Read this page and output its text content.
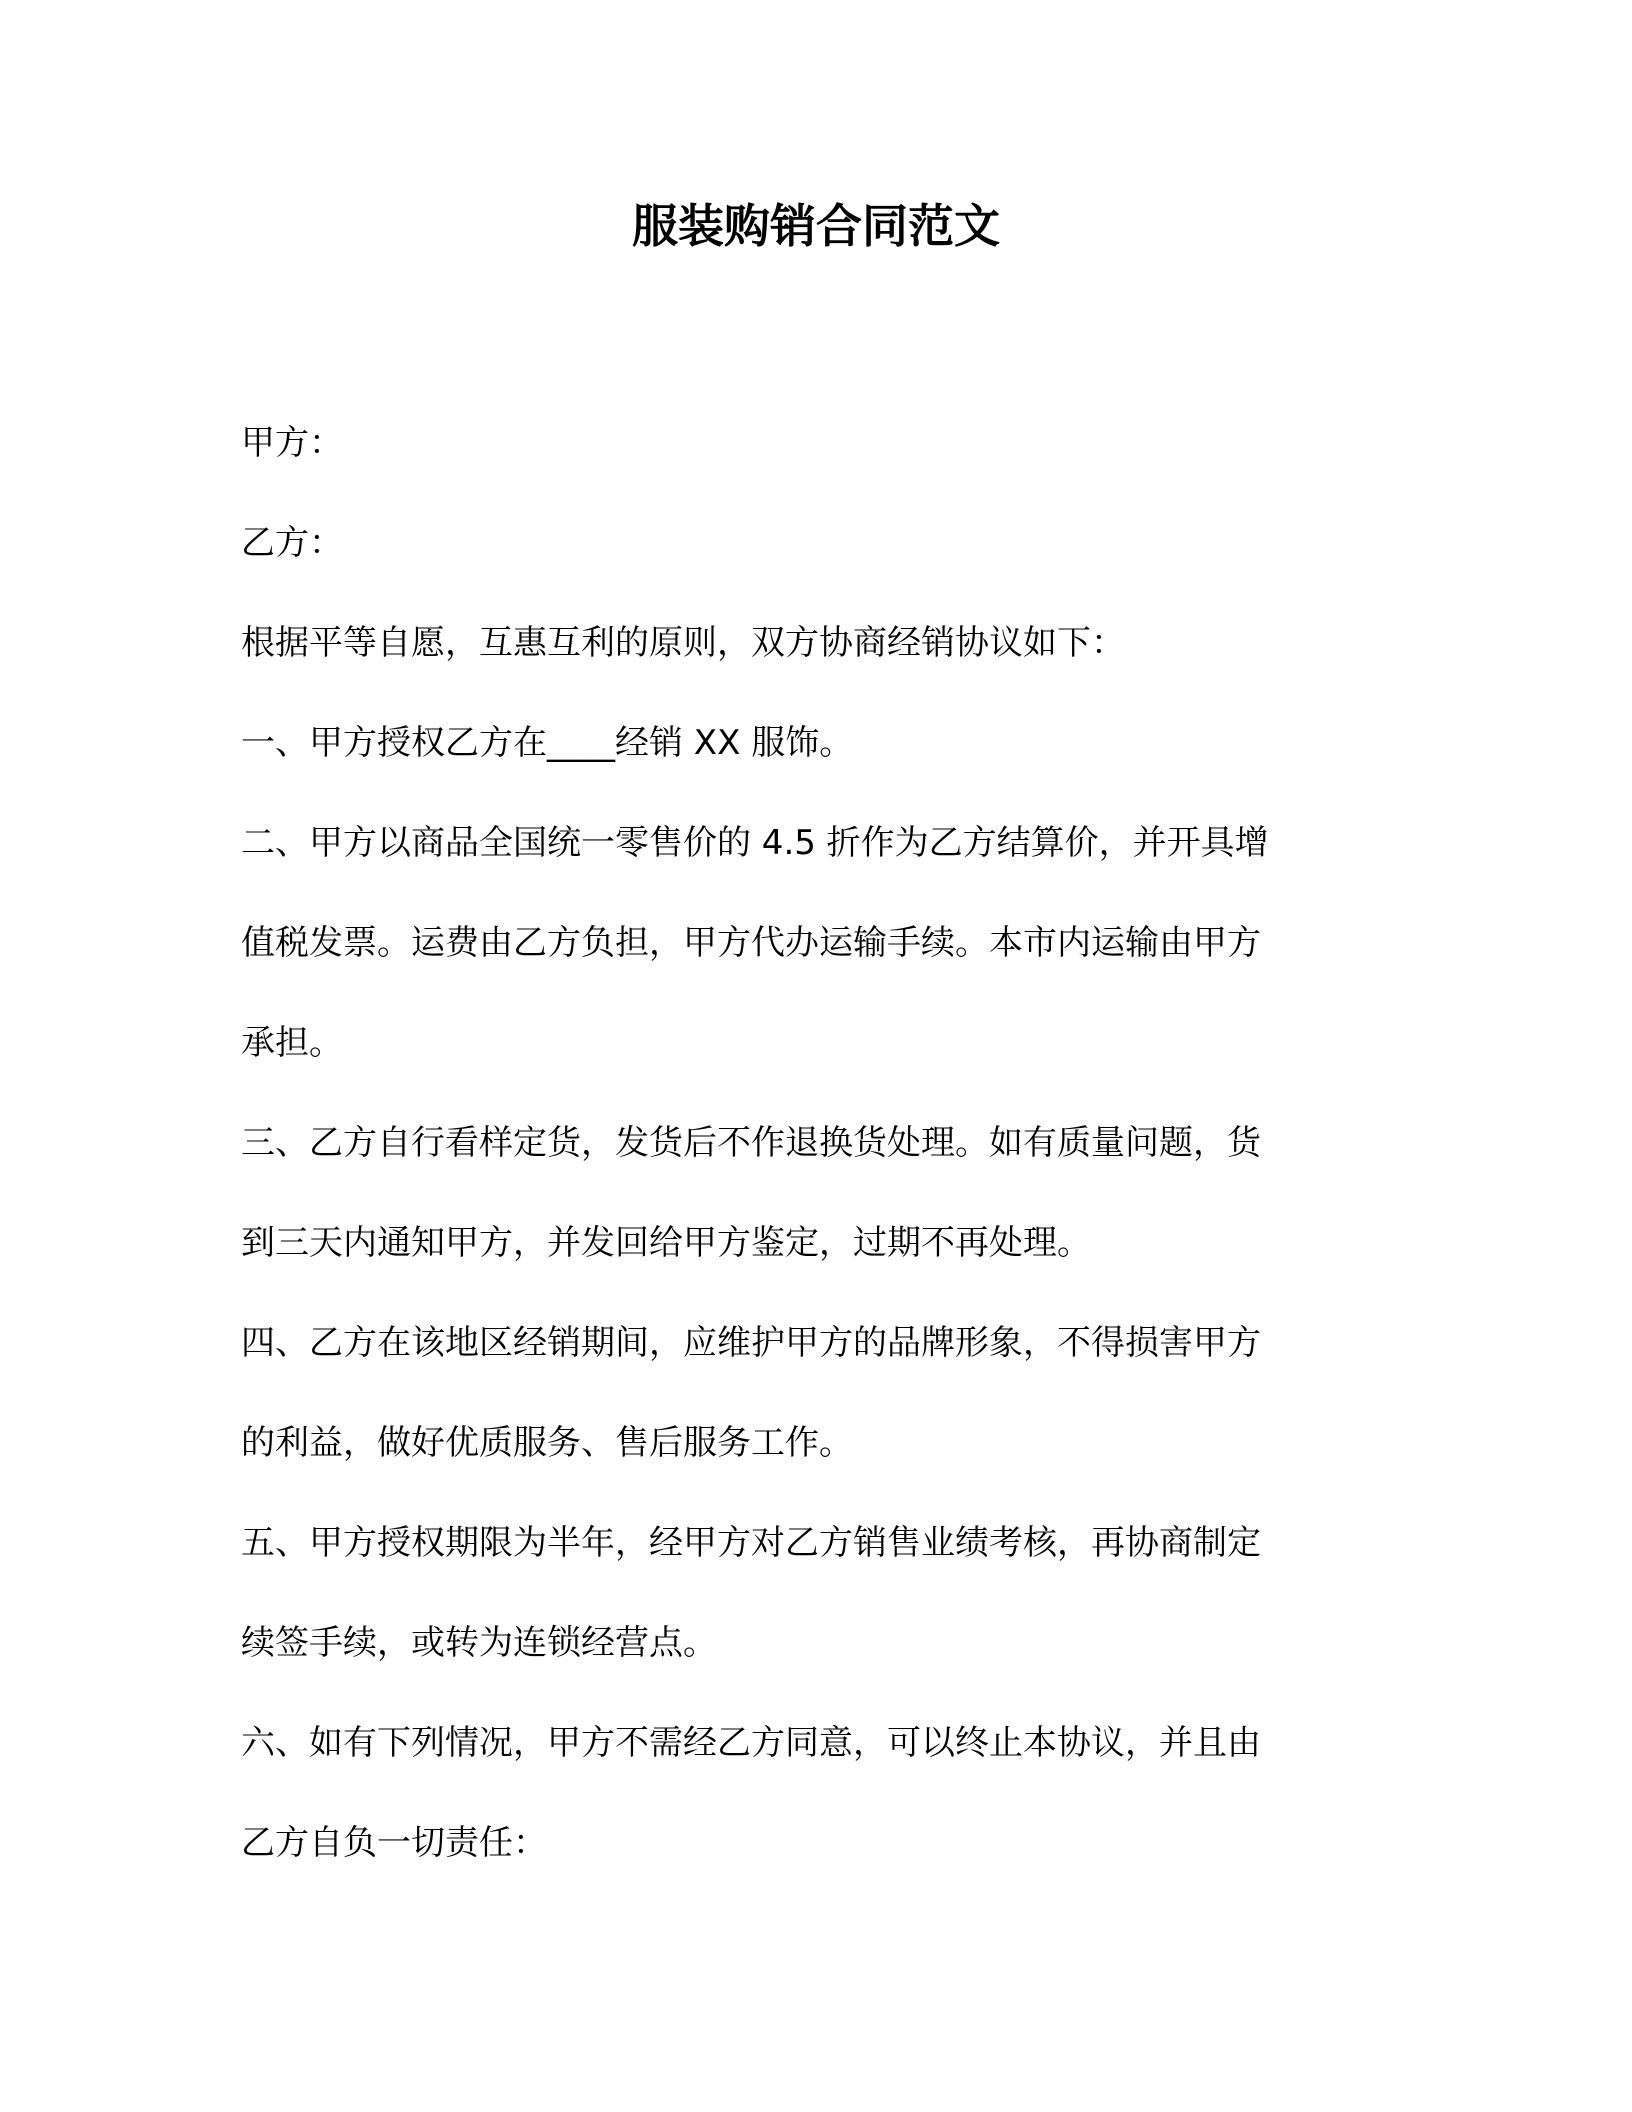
服装购销合同范文
甲方：
乙方：
根据平等自愿，互惠互利的原则，双方协商经销协议如下：
一、甲方授权乙方在____经销 XX 服饰。
二、甲方以商品全国统一零售价的 4.5 折作为乙方结算价，并开具增
值税发票。运费由乙方负担，甲方代办运输手续。本市内运输由甲方
承担。
三、乙方自行看样定货，发货后不作退换货处理。如有质量问题，货
到三天内通知甲方，并发回给甲方鉴定，过期不再处理。
四、乙方在该地区经销期间，应维护甲方的品牌形象，不得损害甲方
的利益，做好优质服务、售后服务工作。
五、甲方授权期限为半年，经甲方对乙方销售业绩考核，再协商制定
续签手续，或转为连锁经营点。
六、如有下列情况，甲方不需经乙方同意，可以终止本协议，并且由
乙方自负一切责任：
